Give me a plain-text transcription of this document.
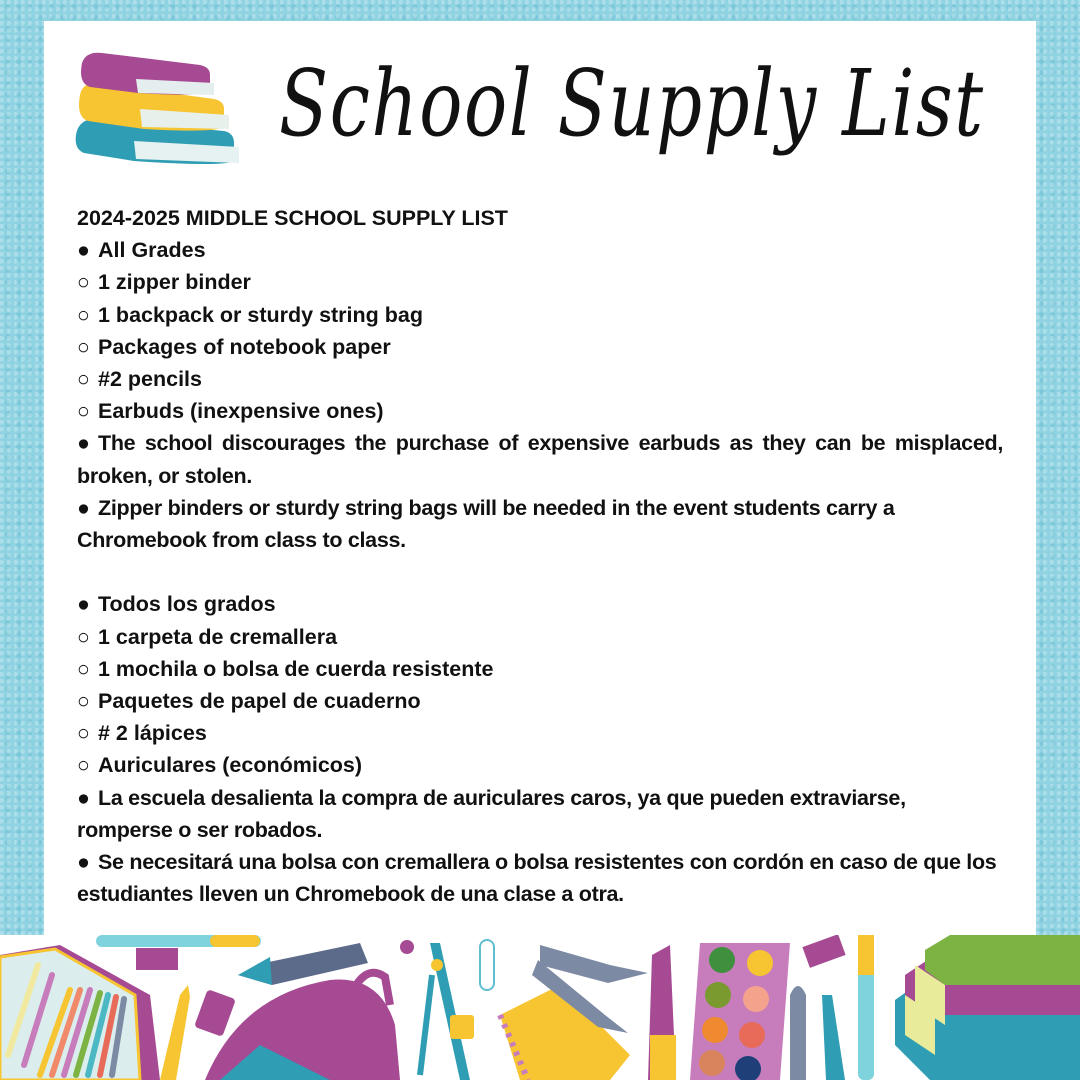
School Supply List
2024-2025 MIDDLE SCHOOL SUPPLY LIST
● All Grades
○ 1 zipper binder
○ 1 backpack or sturdy string bag
○ Packages of notebook paper
○ #2 pencils
○ Earbuds (inexpensive ones)
● The school discourages the purchase of expensive earbuds as they can be misplaced, broken, or stolen.
● Zipper binders or sturdy string bags will be needed in the event students carry a Chromebook from class to class.
● Todos los grados
○ 1 carpeta de cremallera
○ 1 mochila o bolsa de cuerda resistente
○ Paquetes de papel de cuaderno
○ # 2 lápices
○ Auriculares (económicos)
● La escuela desalienta la compra de auriculares caros, ya que pueden extraviarse, romperse o ser robados.
● Se necesitará una bolsa con cremallera o bolsa resistentes con cordón en caso de que los estudiantes lleven un Chromebook de una clase a otra.
